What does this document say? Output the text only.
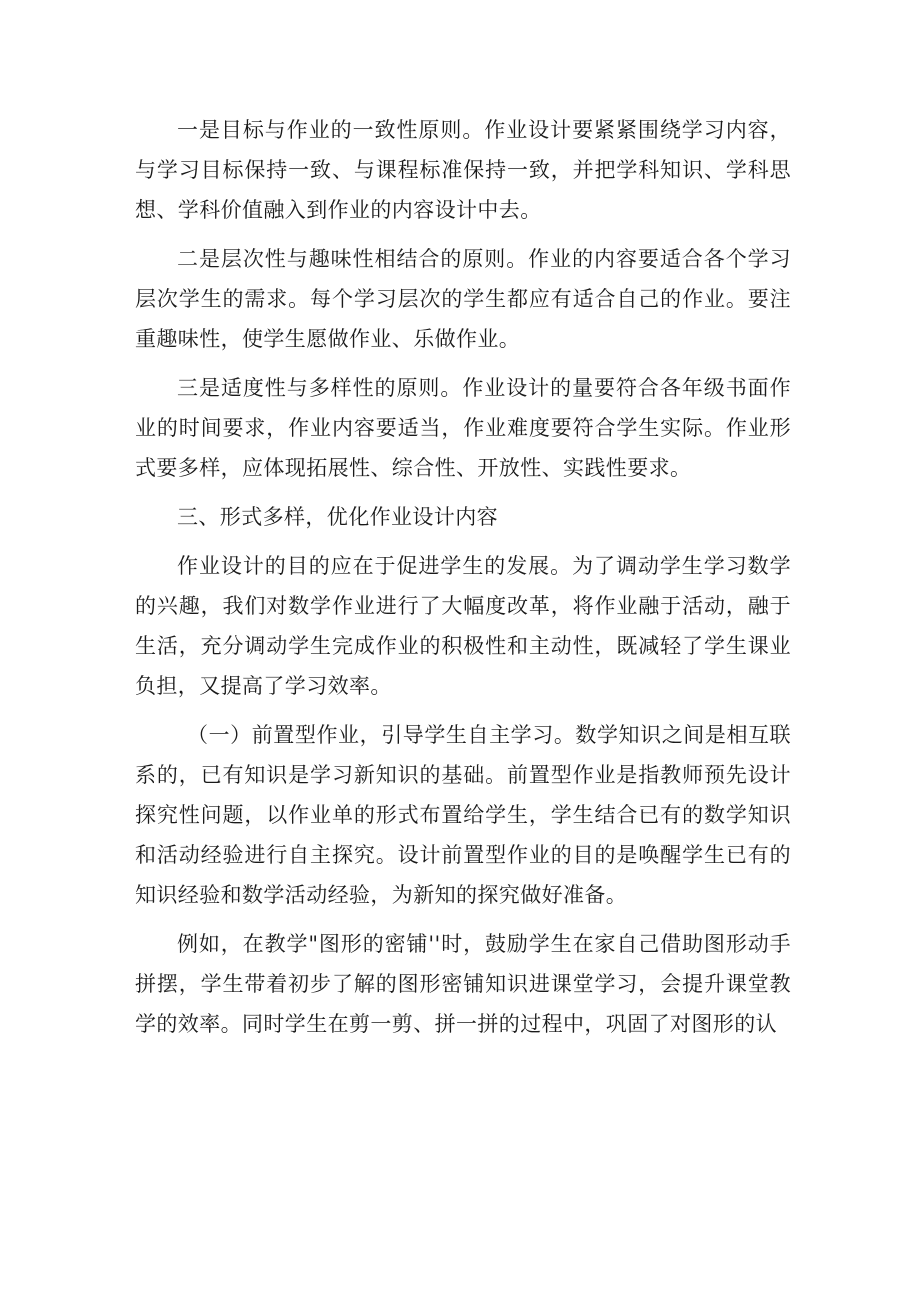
一是目标与作业的一致性原则。作业设计要紧紧围绕学习内容，与学习目标保持一致、与课程标准保持一致，并把学科知识、学科思想、学科价值融入到作业的内容设计中去。

二是层次性与趣味性相结合的原则。作业的内容要适合各个学习层次学生的需求。每个学习层次的学生都应有适合自己的作业。要注重趣味性，使学生愿做作业、乐做作业。

三是适度性与多样性的原则。作业设计的量要符合各年级书面作业的时间要求，作业内容要适当，作业难度要符合学生实际。作业形式要多样，应体现拓展性、综合性、开放性、实践性要求。

三、形式多样，优化作业设计内容

作业设计的目的应在于促进学生的发展。为了调动学生学习数学的兴趣，我们对数学作业进行了大幅度改革，将作业融于活动，融于生活，充分调动学生完成作业的积极性和主动性，既减轻了学生课业负担，又提高了学习效率。

（一）前置型作业，引导学生自主学习。数学知识之间是相互联系的，已有知识是学习新知识的基础。前置型作业是指教师预先设计探究性问题，以作业单的形式布置给学生，学生结合已有的数学知识和活动经验进行自主探究。设计前置型作业的目的是唤醒学生已有的知识经验和数学活动经验，为新知的探究做好准备。

例如，在教学"图形的密铺''时，鼓励学生在家自己借助图形动手拼摆，学生带着初步了解的图形密铺知识进课堂学习，会提升课堂教学的效率。同时学生在剪一剪、拼一拼的过程中，巩固了对图形的认
